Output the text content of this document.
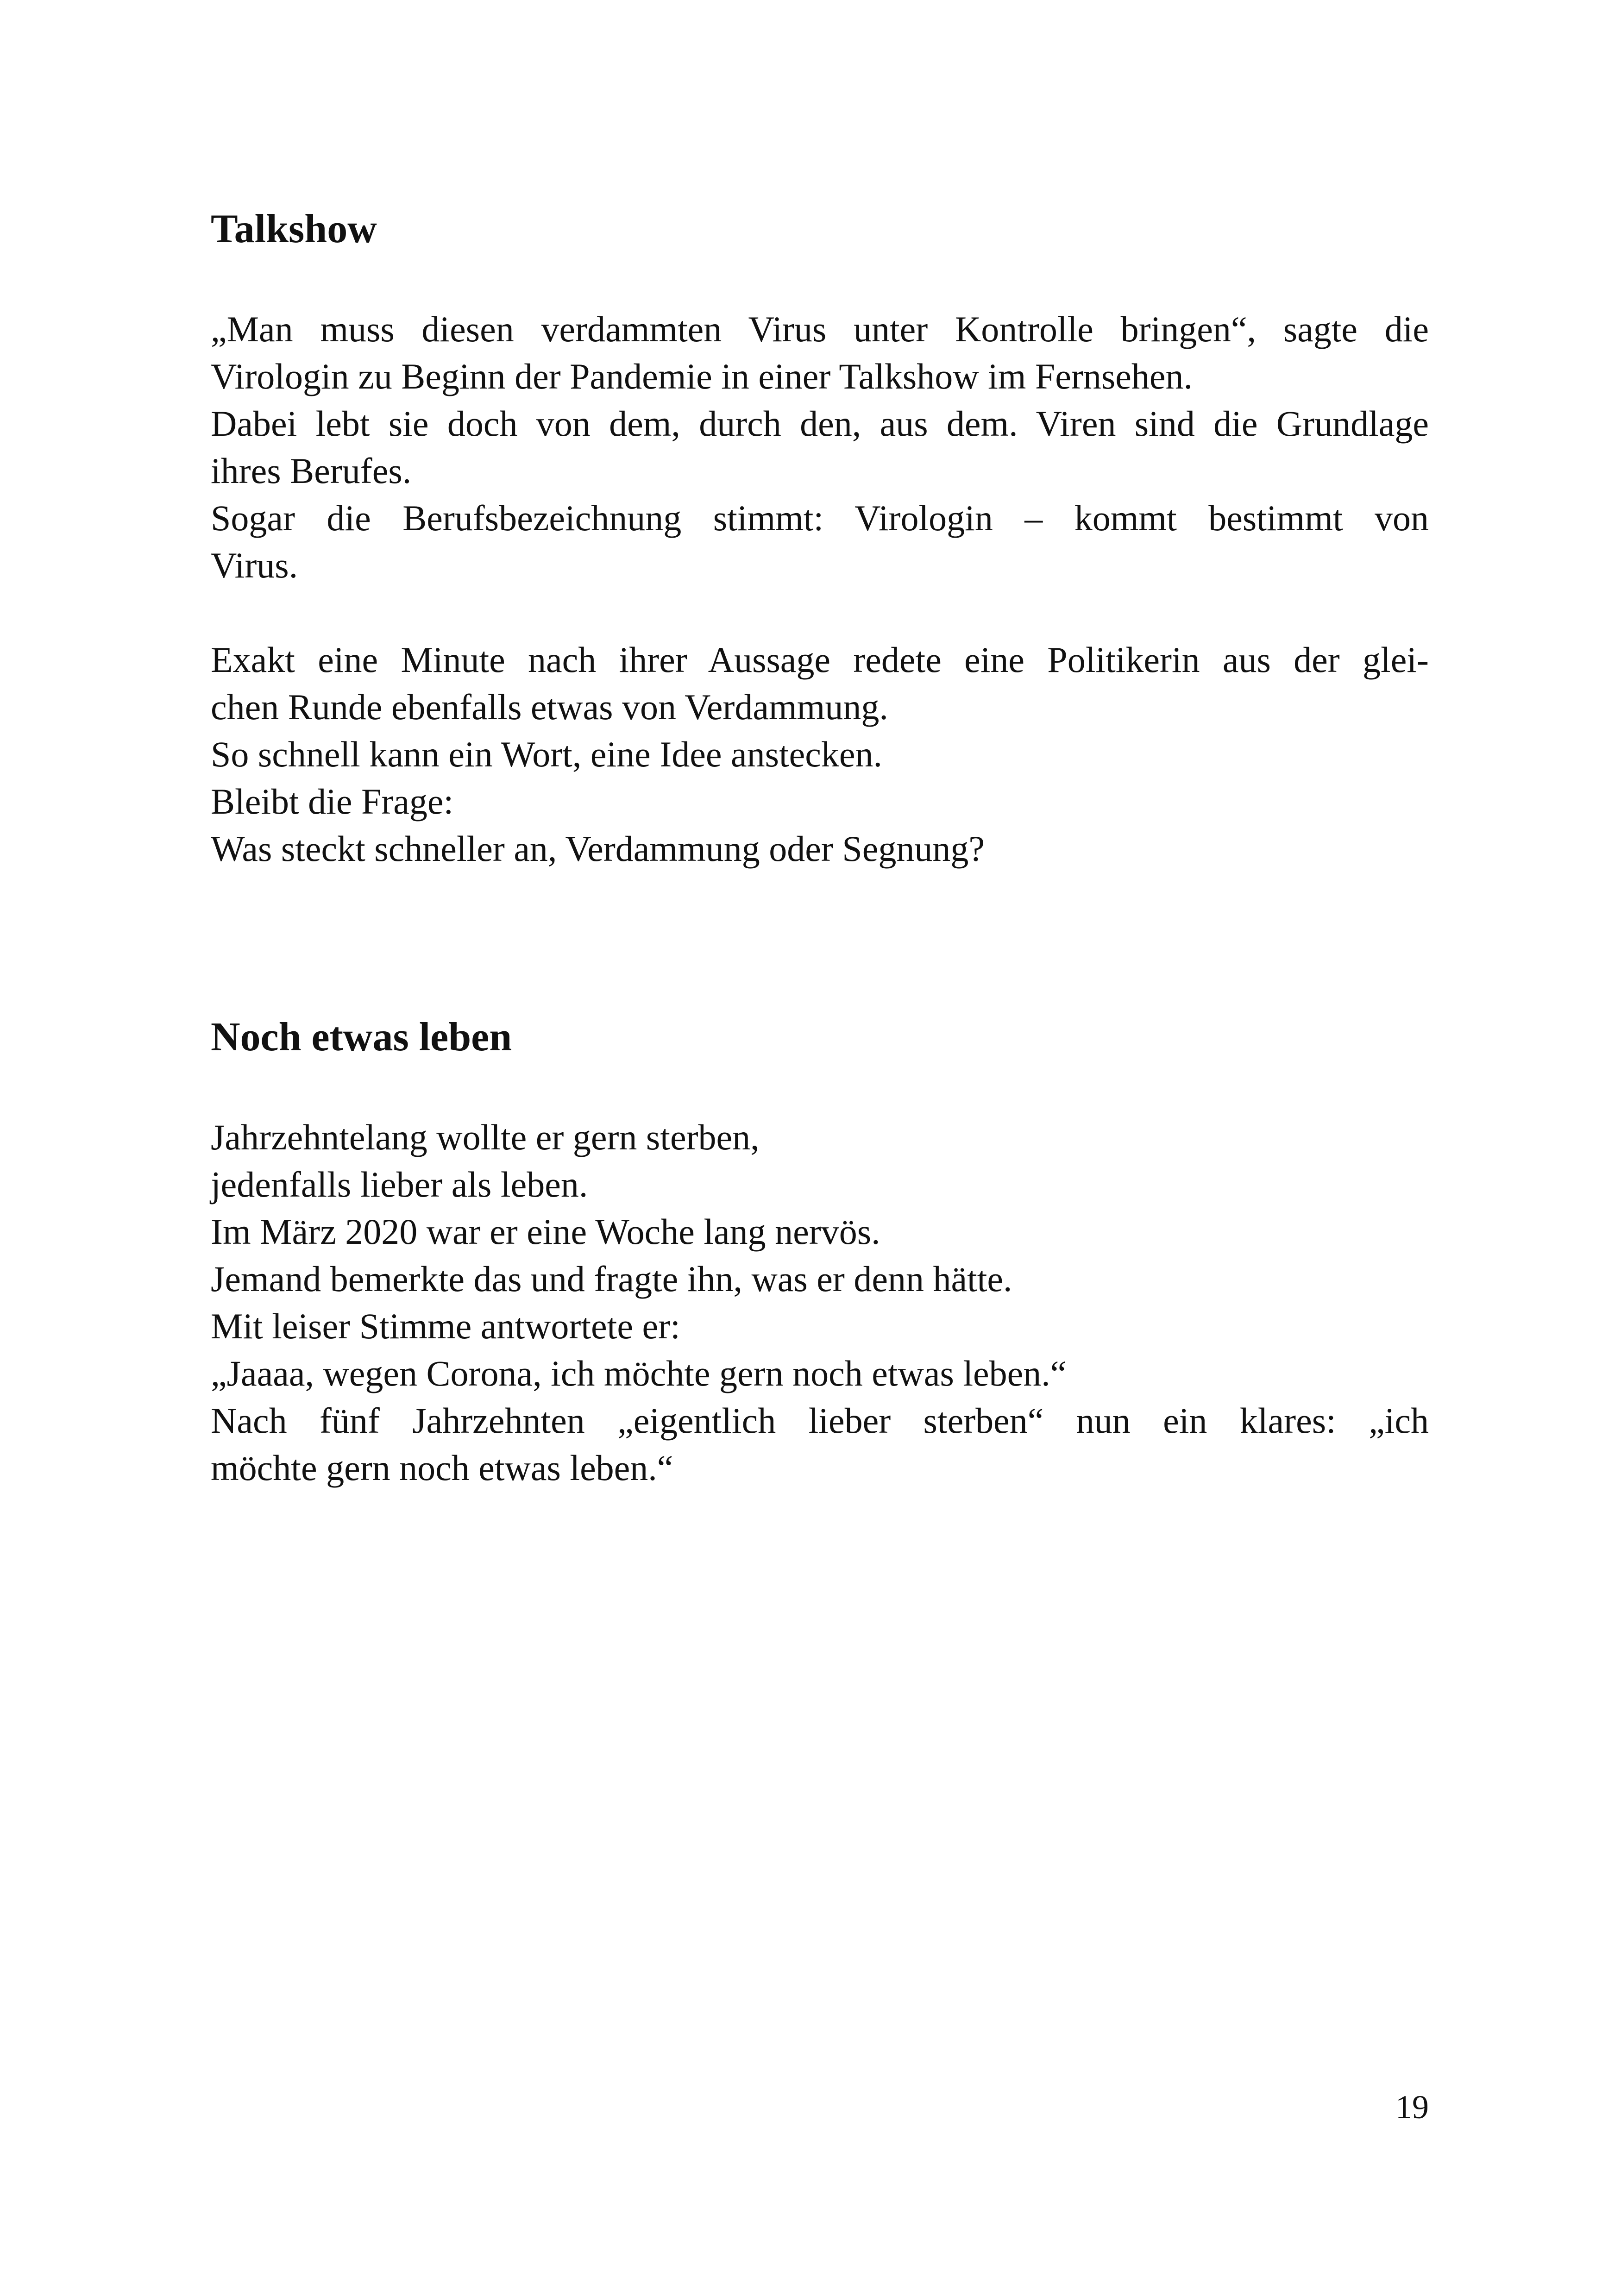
Talkshow

„Man muss diesen verdammten Virus unter Kontrolle bringen“, sagte die
Virologin zu Beginn der Pandemie in einer Talkshow im Fernsehen.
Dabei lebt sie doch von dem, durch den, aus dem. Viren sind die Grundlage
ihres Berufes.
Sogar die Berufsbezeichnung stimmt: Virologin – kommt bestimmt von
Virus.

Exakt eine Minute nach ihrer Aussage redete eine Politikerin aus der glei-
chen Runde ebenfalls etwas von Verdammung.
So schnell kann ein Wort, eine Idee anstecken.
Bleibt die Frage:
Was steckt schneller an, Verdammung oder Segnung?

Noch etwas leben

Jahrzehntelang wollte er gern sterben,
jedenfalls lieber als leben.
Im März 2020 war er eine Woche lang nervös.
Jemand bemerkte das und fragte ihn, was er denn hätte.
Mit leiser Stimme antwortete er:
„Jaaaa, wegen Corona, ich möchte gern noch etwas leben.“
Nach fünf Jahrzehnten „eigentlich lieber sterben“ nun ein klares: „ich
möchte gern noch etwas leben.“

19
